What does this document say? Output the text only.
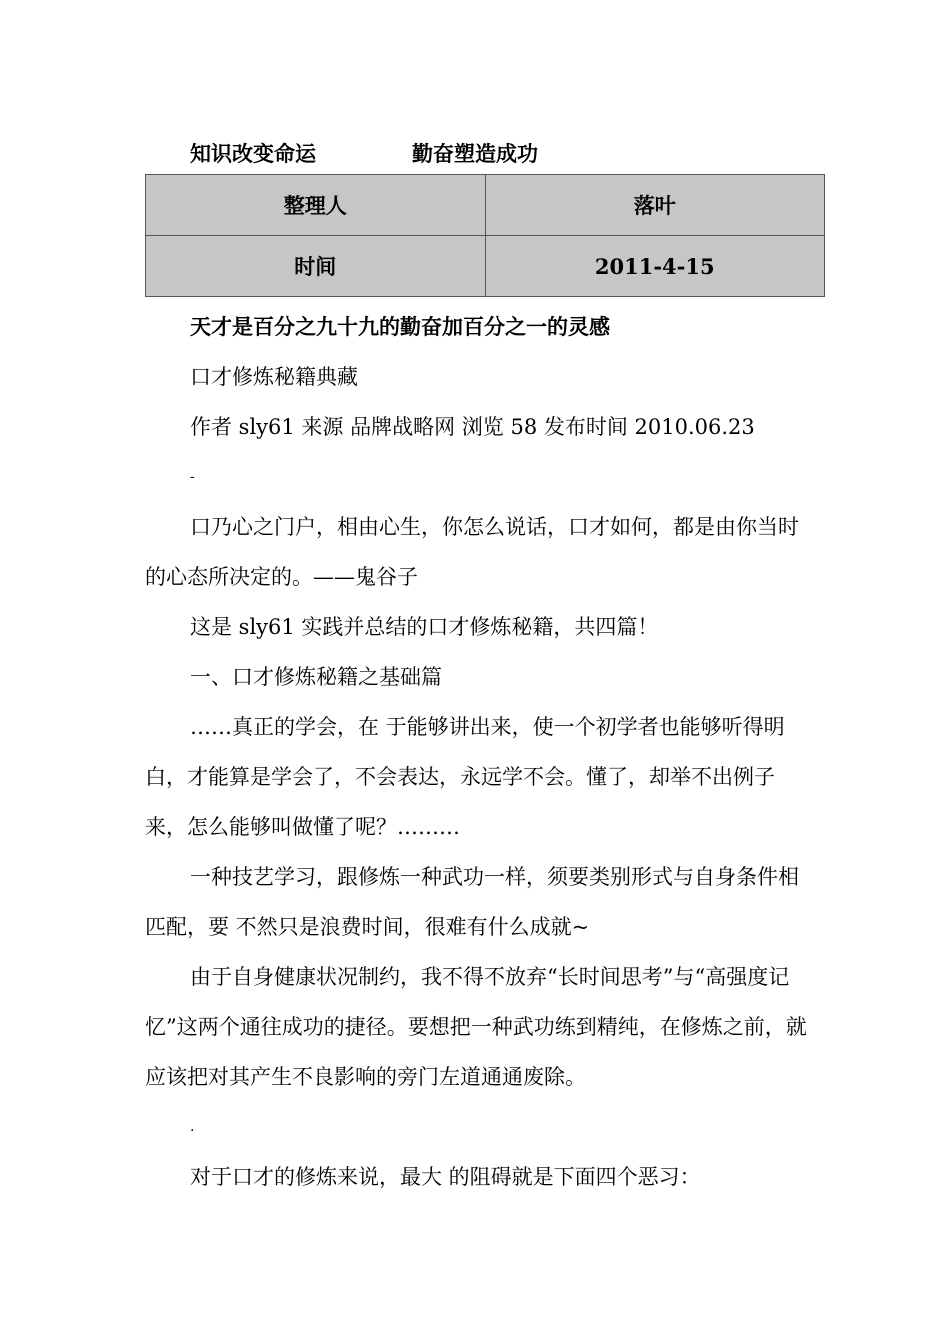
知识改变命运	勤奋塑造成功
整理人	落叶
时间	2011-4-15

天才是百分之九十九的勤奋加百分之一的灵感

口才修炼秘籍典藏

作者 sly61 来源 品牌战略网 浏览 58 发布时间 2010.06.23

-

口乃心之门户，相由心生，你怎么说话，口才如何，都是由你当时的心态所决定的。——鬼谷子

这是 sly61 实践并总结的口才修炼秘籍，共四篇！

一、口才修炼秘籍之基础篇

……真正的学会，在 于能够讲出来，使一个初学者也能够听得明白，才能算是学会了，不会表达，永远学不会。懂了，却举不出例子来，怎么能够叫做懂了呢？………

一种技艺学习，跟修炼一种武功一样，须要类别形式与自身条件相匹配，要 不然只是浪费时间，很难有什么成就~

由于自身健康状况制约，我不得不放弃“长时间思考”与“高强度记忆”这两个通往成功的捷径。要想把一种武功练到精纯，在修炼之前，就应该把对其产生不良影响的旁门左道通通废除。

.

对于口才的修炼来说，最大 的阻碍就是下面四个恶习：
